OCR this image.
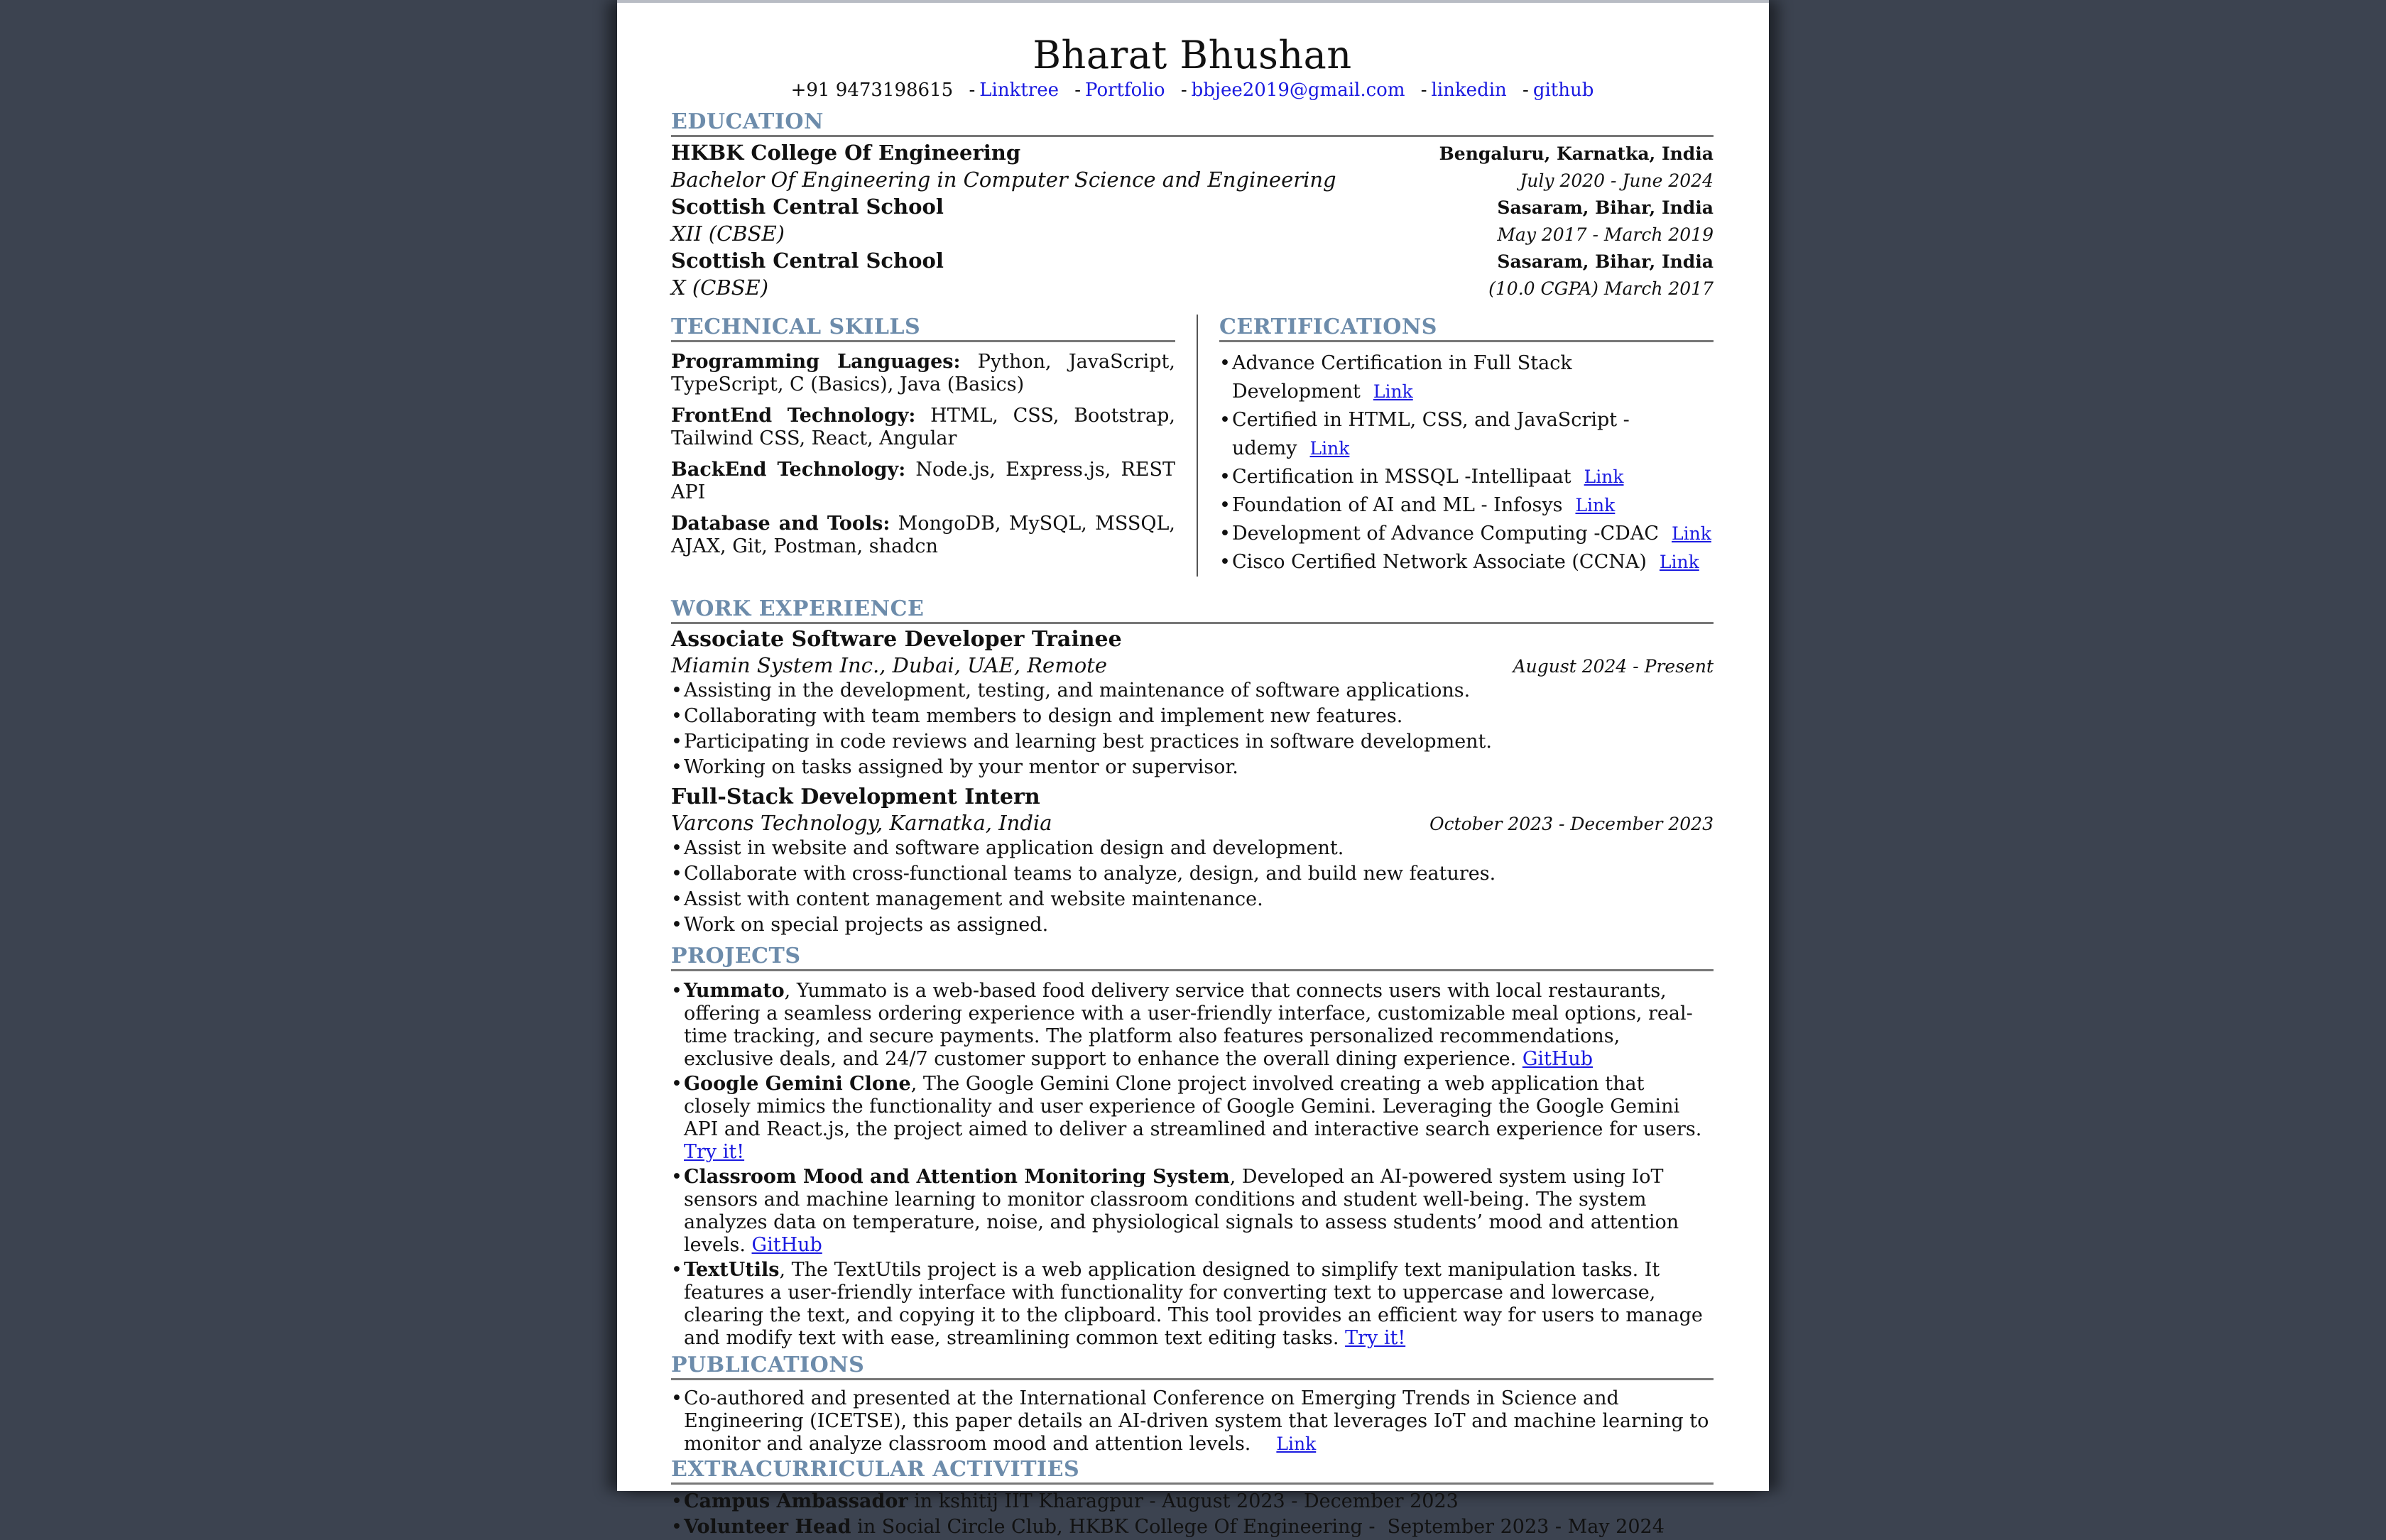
Bharat Bhushan
+91 9473198615 - Linktree - Portfolio - bbjee2019@gmail.com - linkedin - github
EDUCATION
HKBK College Of Engineering	Bengaluru, Karnatka, India
Bachelor Of Engineering in Computer Science and Engineering	July 2020 - June 2024
Scottish Central School	Sasaram, Bihar, India
XII (CBSE)	May 2017 - March 2019
Scottish Central School	Sasaram, Bihar, India
X (CBSE)	(10.0 CGPA) March 2017
TECHNICAL SKILLS
Programming Languages: Python, JavaScript, TypeScript, C (Basics), Java (Basics)
FrontEnd Technology: HTML, CSS, Bootstrap, Tailwind CSS, React, Angular
BackEnd Technology: Node.js, Express.js, REST API
Database and Tools: MongoDB, MySQL, MSSQL, AJAX, Git, Postman, shadcn
CERTIFICATIONS
• Advance Certification in Full Stack Development Link
• Certified in HTML, CSS, and JavaScript -udemy Link
• Certification in MSSQL -Intellipaat Link
• Foundation of AI and ML - Infosys Link
• Development of Advance Computing -CDAC Link
• Cisco Certified Network Associate (CCNA) Link
WORK EXPERIENCE
Associate Software Developer Trainee
Miamin System Inc., Dubai, UAE, Remote	August 2024 - Present
• Assisting in the development, testing, and maintenance of software applications.
• Collaborating with team members to design and implement new features.
• Participating in code reviews and learning best practices in software development.
• Working on tasks assigned by your mentor or supervisor.
Full-Stack Development Intern
Varcons Technology, Karnatka, India	October 2023 - December 2023
• Assist in website and software application design and development.
• Collaborate with cross-functional teams to analyze, design, and build new features.
• Assist with content management and website maintenance.
• Work on special projects as assigned.
PROJECTS
• Yummato, Yummato is a web-based food delivery service that connects users with local restaurants, offering a seamless ordering experience with a user-friendly interface, customizable meal options, real-time tracking, and secure payments. The platform also features personalized recommendations, exclusive deals, and 24/7 customer support to enhance the overall dining experience. GitHub
• Google Gemini Clone, The Google Gemini Clone project involved creating a web application that closely mimics the functionality and user experience of Google Gemini. Leveraging the Google Gemini API and React.js, the project aimed to deliver a streamlined and interactive search experience for users.  Try it!
• Classroom Mood and Attention Monitoring System, Developed an AI-powered system using IoT sensors and machine learning to monitor classroom conditions and student well-being. The system analyzes data on temperature, noise, and physiological signals to assess students’ mood and attention levels. GitHub
• TextUtils, The TextUtils project is a web application designed to simplify text manipulation tasks. It features a user-friendly interface with functionality for converting text to uppercase and lowercase, clearing the text, and copying it to the clipboard. This tool provides an efficient way for users to manage and modify text with ease, streamlining common text editing tasks. Try it!
PUBLICATIONS
• Co-authored and presented at the International Conference on Emerging Trends in Science and Engineering (ICETSE), this paper details an AI-driven system that leverages IoT and machine learning to monitor and analyze classroom mood and attention levels. Link
EXTRACURRICULAR ACTIVITIES
• Campus Ambassador in kshitij IIT Kharagpur - August 2023 - December 2023
• Volunteer Head in Social Circle Club, HKBK College Of Engineering -  September 2023 - May 2024
